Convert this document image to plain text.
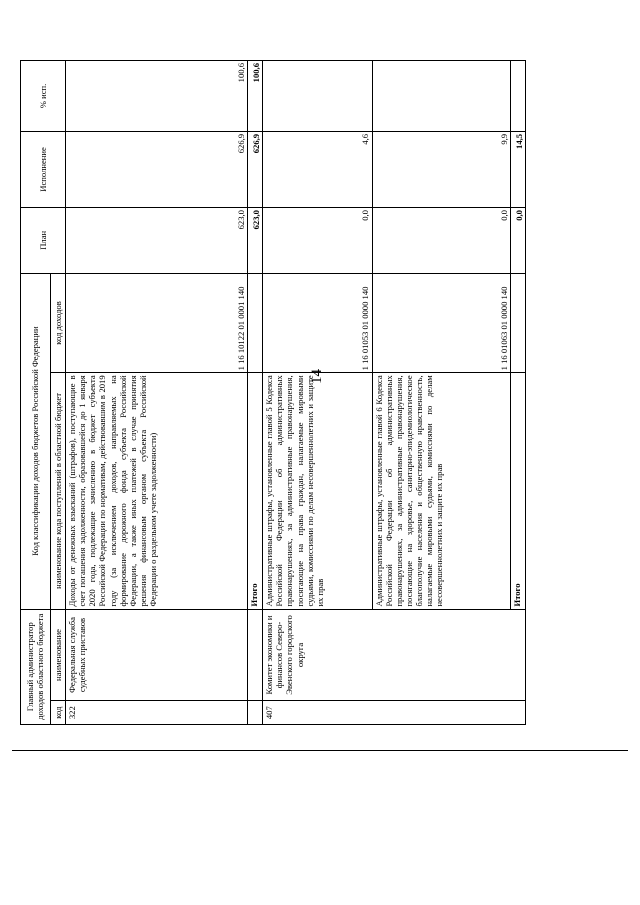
14
Главный администратор доходов областного бюджета		Код классификации доходов бюджетов Российской Федерации		План	Исполнение	% исп.
код	наименование	наименование кода поступлений в областной бюджет	код доходов			
322	Федеральная служба судебных приставов	Доходы от денежных взысканий (штрафов), поступающие в счет погашения задолженности, образовавшейся до 1 января 2020 года, подлежащие зачислению в бюджет субъекта Российской Федерации по нормативам, действовавшим в 2019 году (за исключением доходов, направляемых на формирование дорожного фонда субъекта Российской Федерации, а также иных платежей в случае принятия решения финансовым органом субъекта Российской Федерации о раздельном учете задолженности)	1 16 10122 01 0001 140	623,0	626,9	100,6
		Итого		623,0	626,9	100,6
407	Комитет экономики и финансов Северо-Эвенского городского округа	Административные штрафы, установленные главой 5 Кодекса Российской Федерации об административных правонарушениях, за административные правонарушения, посягающие на права граждан, налагаемые мировыми судьями, комиссиями по делам несовершеннолетних и защите их прав	1 16 01053 01 0000 140	0,0	4,6	
		Административные штрафы, установленные главой 6 Кодекса Российской Федерации об административных правонарушениях, за административные правонарушения, посягающие на здоровье, санитарно-эпидемиологическое благополучие населения и общественную нравственность, налагаемые мировыми судьями, комиссиями по делам несовершеннолетних и защите их прав	1 16 01063 01 0000 140	0,0	9,9	
		Итого		0,0	14,5	
